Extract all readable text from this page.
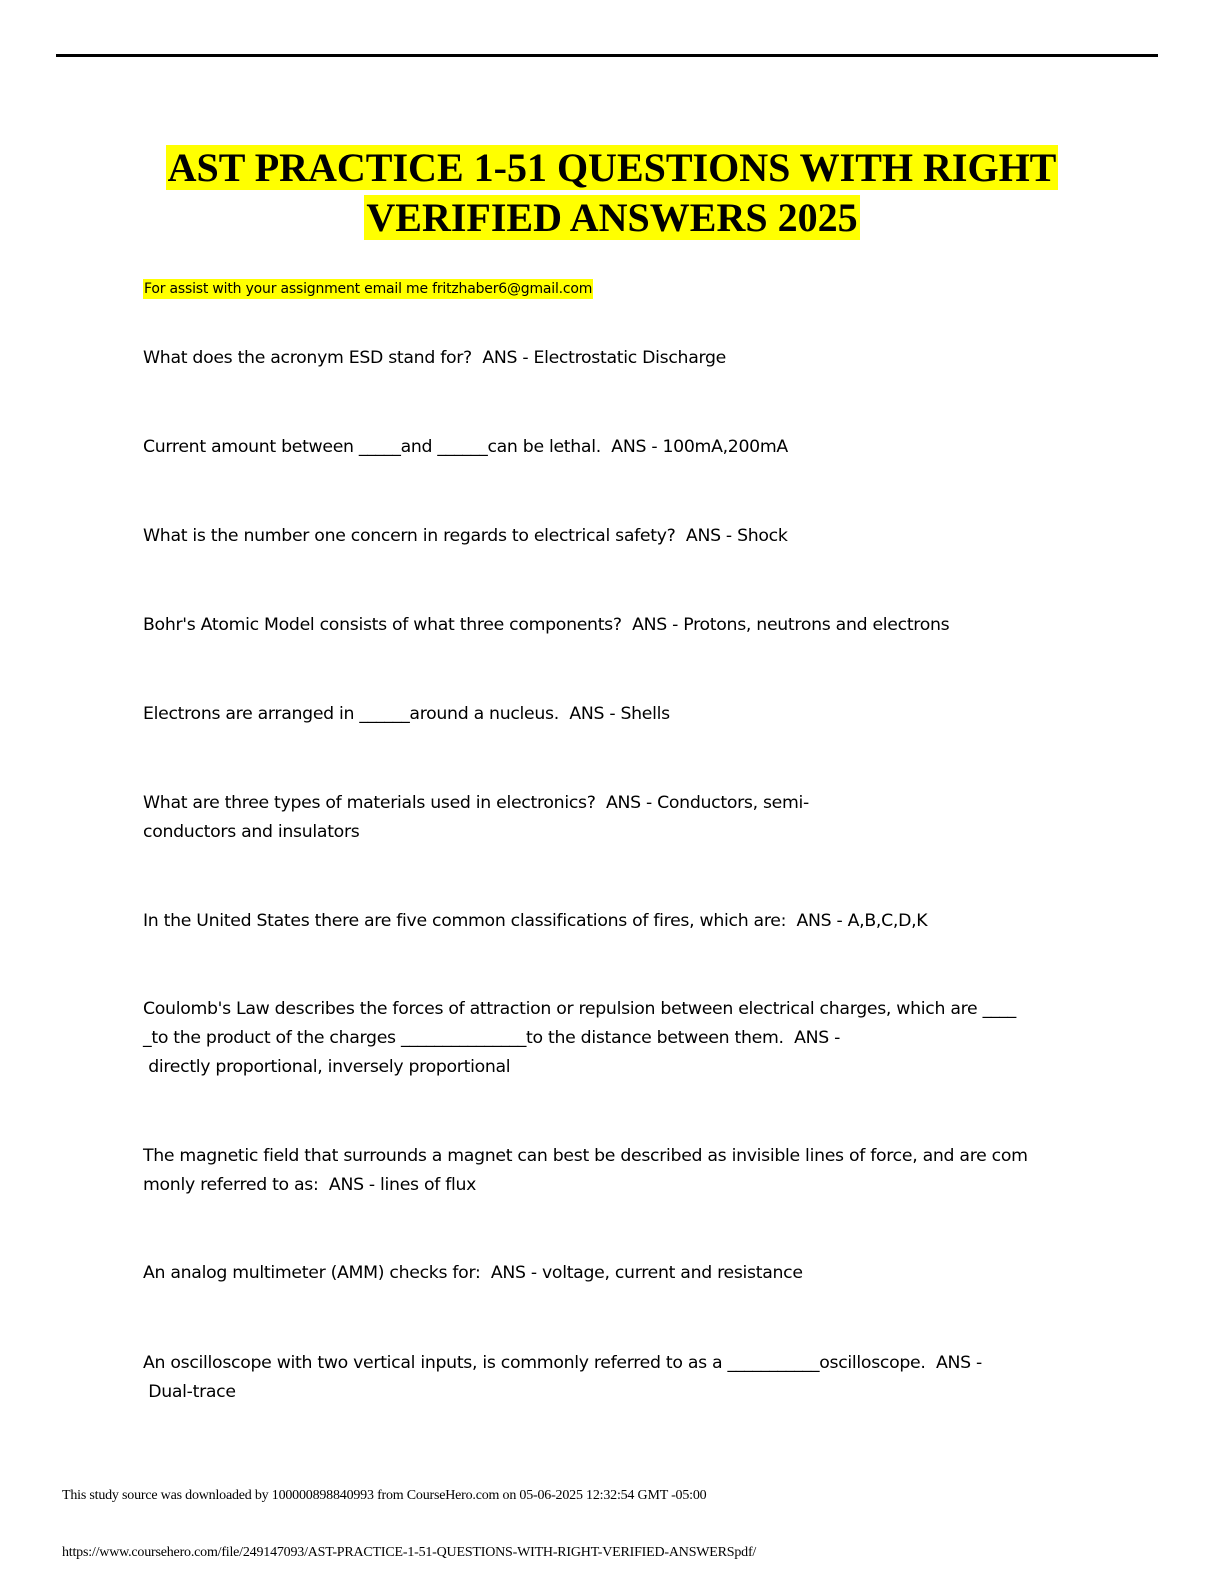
AST PRACTICE 1-51 QUESTIONS WITH RIGHT
VERIFIED ANSWERS 2025
For assist with your assignment email me fritzhaber6@gmail.com

What does the acronym ESD stand for?  ANS - Electrostatic Discharge

Current amount between _____and ______can be lethal.  ANS - 100mA,200mA

What is the number one concern in regards to electrical safety?  ANS - Shock

Bohr's Atomic Model consists of what three components?  ANS - Protons, neutrons and electrons

Electrons are arranged in ______around a nucleus.  ANS - Shells

What are three types of materials used in electronics?  ANS - Conductors, semi-
conductors and insulators

In the United States there are five common classifications of fires, which are:  ANS - A,B,C,D,K

Coulomb's Law describes the forces of attraction or repulsion between electrical charges, which are ____
_to the product of the charges _______________to the distance between them.  ANS -
directly proportional, inversely proportional

The magnetic field that surrounds a magnet can best be described as invisible lines of force, and are com
monly referred to as:  ANS - lines of flux

An analog multimeter (AMM) checks for:  ANS - voltage, current and resistance

An oscilloscope with two vertical inputs, is commonly referred to as a ___________oscilloscope.  ANS -
Dual-trace

This study source was downloaded by 100000898840993 from CourseHero.com on 05-06-2025 12:32:54 GMT -05:00
https://www.coursehero.com/file/249147093/AST-PRACTICE-1-51-QUESTIONS-WITH-RIGHT-VERIFIED-ANSWERSpdf/
